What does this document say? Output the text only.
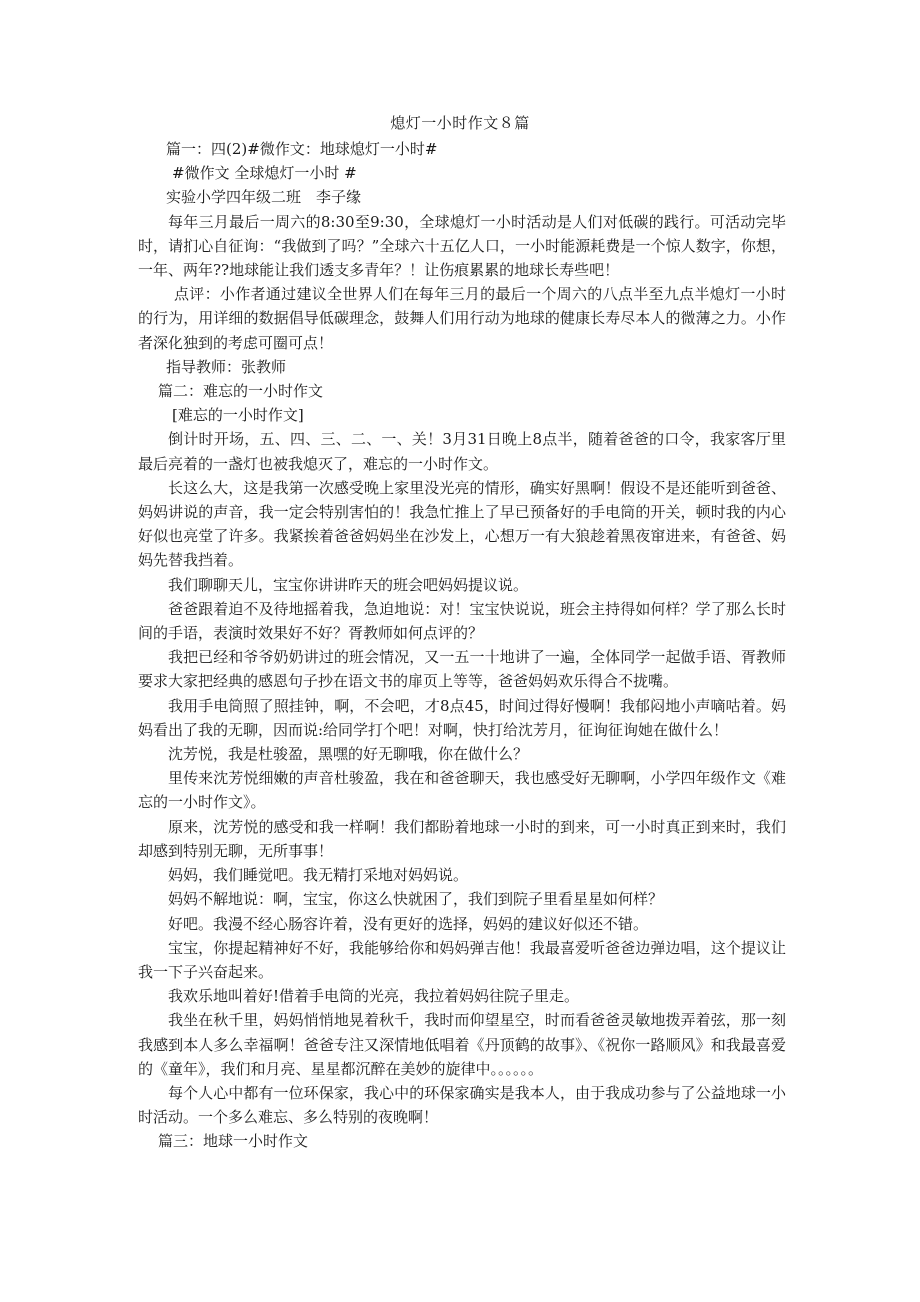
熄灯一小时作文８篇

篇一：四(2)#微作文：地球熄灯一小时#

#微作文 全球熄灯一小时 #

实验小学四年级二班　李子缘

每年三月最后一周六的8:30至9:30，全球熄灯一小时活动是人们对低碳的践行。可活动完毕时，请扪心自征询：“我做到了吗？”全球六十五亿人口，一小时能源耗费是一个惊人数字，你想，一年、两年??地球能让我们透支多青年？！让伤痕累累的地球长寿些吧！

点评：小作者通过建议全世界人们在每年三月的最后一个周六的八点半至九点半熄灯一小时的行为，用详细的数据倡导低碳理念，鼓舞人们用行动为地球的健康长寿尽本人的微薄之力。小作者深化独到的考虑可圈可点！

指导教师：张教师

篇二：难忘的一小时作文

[难忘的一小时作文]

倒计时开场，五、四、三、二、一、关！3月31日晚上8点半，随着爸爸的口令，我家客厅里最后亮着的一盏灯也被我熄灭了，难忘的一小时作文。

长这么大，这是我第一次感受晚上家里没光亮的情形，确实好黑啊！假设不是还能听到爸爸、妈妈讲说的声音，我一定会特别害怕的！我急忙推上了早已预备好的手电筒的开关，顿时我的内心好似也亮堂了许多。我紧挨着爸爸妈妈坐在沙发上，心想万一有大狼趁着黑夜窜进来，有爸爸、妈妈先替我挡着。

我们聊聊天儿，宝宝你讲讲昨天的班会吧妈妈提议说。

爸爸跟着迫不及待地摇着我，急迫地说：对！宝宝快说说，班会主持得如何样？学了那么长时间的手语，表演时效果好不好？胥教师如何点评的？

我把已经和爷爷奶奶讲过的班会情况，又一五一十地讲了一遍，全体同学一起做手语、胥教师要求大家把经典的感恩句子抄在语文书的扉页上等等，爸爸妈妈欢乐得合不拢嘴。

我用手电筒照了照挂钟，啊，不会吧，才8点45，时间过得好慢啊！我郁闷地小声嘀咕着。妈妈看出了我的无聊，因而说:给同学打个吧！对啊，快打给沈芳月，征询征询她在做什么！

沈芳悦，我是杜骏盈，黑嘿的好无聊哦，你在做什么？

里传来沈芳悦细嫩的声音杜骏盈，我在和爸爸聊天，我也感受好无聊啊，小学四年级作文《难忘的一小时作文》。

原来，沈芳悦的感受和我一样啊！我们都盼着地球一小时的到来，可一小时真正到来时，我们却感到特别无聊，无所事事！

妈妈，我们睡觉吧。我无精打采地对妈妈说。

妈妈不解地说：啊，宝宝，你这么快就困了，我们到院子里看星星如何样？

好吧。我漫不经心肠容许着，没有更好的选择，妈妈的建议好似还不错。

宝宝，你提起精神好不好，我能够给你和妈妈弹吉他！我最喜爱听爸爸边弹边唱，这个提议让我一下子兴奋起来。

我欢乐地叫着好!借着手电筒的光亮，我拉着妈妈往院子里走。

我坐在秋千里，妈妈悄悄地晃着秋千，我时而仰望星空，时而看爸爸灵敏地拨弄着弦，那一刻我感到本人多么幸福啊！爸爸专注又深情地低唱着《丹顶鹤的故事》、《祝你一路顺风》和我最喜爱的《童年》，我们和月亮、星星都沉醉在美妙的旋律中。。。。。。

每个人心中都有一位环保家，我心中的环保家确实是我本人，由于我成功参与了公益地球一小时活动。一个多么难忘、多么特别的夜晚啊！

篇三：地球一小时作文
